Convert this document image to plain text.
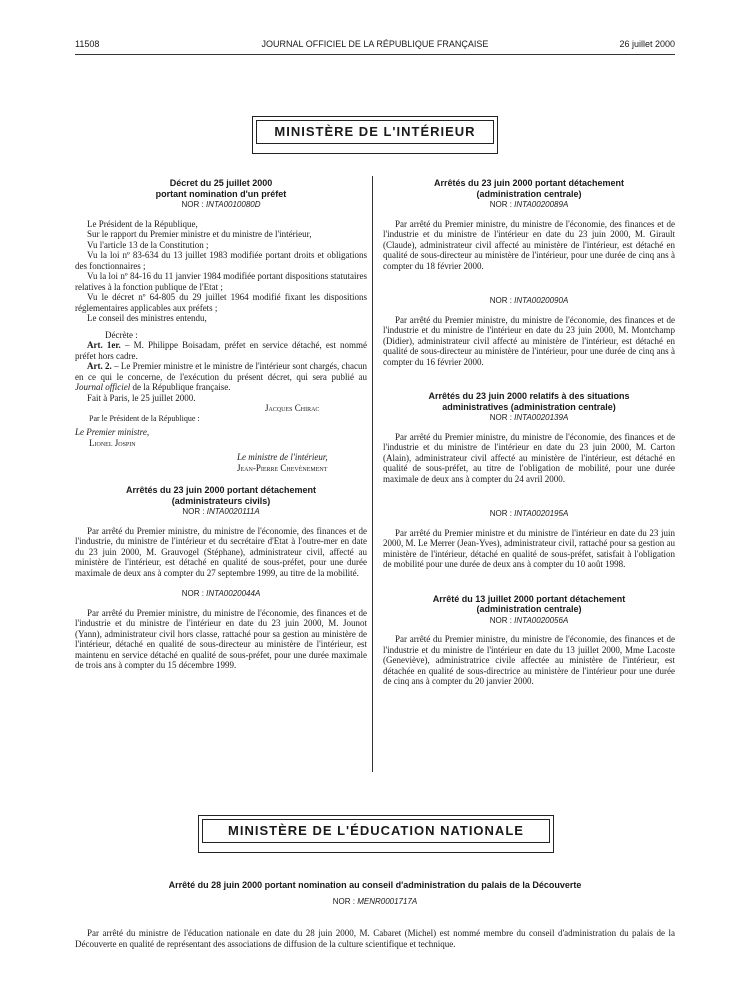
11508	JOURNAL OFFICIEL DE LA RÉPUBLIQUE FRANÇAISE	26 juillet 2000
MINISTÈRE DE L'INTÉRIEUR
Décret du 25 juillet 2000
portant nomination d'un préfet
NOR : INTA0010080D
Le Président de la République,
Sur le rapport du Premier ministre et du ministre de l'intérieur,
Vu l'article 13 de la Constitution ;
Vu la loi nº 83-634 du 13 juillet 1983 modifiée portant droits et obligations des fonctionnaires ;
Vu la loi nº 84-16 du 11 janvier 1984 modifiée portant dispositions statutaires relatives à la fonction publique de l'Etat ;
Vu le décret nº 64-805 du 29 juillet 1964 modifié fixant les dispositions réglementaires applicables aux préfets ;
Le conseil des ministres entendu,
Décrète :
Art. 1er. – M. Philippe Boisadam, préfet en service détaché, est nommé préfet hors cadre.
Art. 2. – Le Premier ministre et le ministre de l'intérieur sont chargés, chacun en ce qui le concerne, de l'exécution du présent décret, qui sera publié au Journal officiel de la République française.
Fait à Paris, le 25 juillet 2000.
Jacques Chirac
Par le Président de la République :
Le Premier ministre,
Lionel Jospin
Le ministre de l'intérieur,
Jean-Pierre Chevènement
Arrêtés du 23 juin 2000 portant détachement
(administrateurs civils)
NOR : INTA0020111A
Par arrêté du Premier ministre, du ministre de l'économie, des finances et de l'industrie, du ministre de l'intérieur et du secrétaire d'Etat à l'outre-mer en date du 23 juin 2000, M. Grauvogel (Stéphane), administrateur civil, affecté au ministère de l'intérieur, est détaché en qualité de sous-préfet, pour une durée maximale de deux ans à compter du 27 septembre 1999, au titre de la mobilité.
NOR : INTA0020044A
Par arrêté du Premier ministre, du ministre de l'économie, des finances et de l'industrie et du ministre de l'intérieur en date du 23 juin 2000, M. Jounot (Yann), administrateur civil hors classe, rattaché pour sa gestion au ministère de l'intérieur, détaché en qualité de sous-directeur au ministère de l'intérieur, est maintenu en service détaché en qualité de sous-préfet, pour une durée maximale de trois ans à compter du 15 décembre 1999.
Arrêtés du 23 juin 2000 portant détachement
(administration centrale)
NOR : INTA0020089A
Par arrêté du Premier ministre, du ministre de l'économie, des finances et de l'industrie et du ministre de l'intérieur en date du 23 juin 2000, M. Girault (Claude), administrateur civil affecté au ministère de l'intérieur, est détaché en qualité de sous-directeur au ministère de l'intérieur, pour une durée de cinq ans à compter du 18 février 2000.
NOR : INTA0020090A
Par arrêté du Premier ministre, du ministre de l'économie, des finances et de l'industrie et du ministre de l'intérieur en date du 23 juin 2000, M. Montchamp (Didier), administrateur civil affecté au ministère de l'intérieur, est détaché en qualité de sous-directeur au ministère de l'intérieur, pour une durée de cinq ans à compter du 16 février 2000.
Arrêtés du 23 juin 2000 relatifs à des situations
administratives (administration centrale)
NOR : INTA0020139A
Par arrêté du Premier ministre, du ministre de l'économie, des finances et de l'industrie et du ministre de l'intérieur en date du 23 juin 2000, M. Carton (Alain), administrateur civil affecté au ministère de l'intérieur, est détaché en qualité de sous-préfet, au titre de l'obligation de mobilité, pour une durée maximale de deux ans à compter du 24 avril 2000.
NOR : INTA0020195A
Par arrêté du Premier ministre et du ministre de l'intérieur en date du 23 juin 2000, M. Le Merrer (Jean-Yves), administrateur civil, rattaché pour sa gestion au ministère de l'intérieur, détaché en qualité de sous-préfet, satisfait à l'obligation de mobilité pour une durée de deux ans à compter du 10 août 1998.
Arrêté du 13 juillet 2000 portant détachement
(administration centrale)
NOR : INTA0020056A
Par arrêté du Premier ministre, du ministre de l'économie, des finances et de l'industrie et du ministre de l'intérieur en date du 13 juillet 2000, Mme Lacoste (Geneviève), administratrice civile affectée au ministère de l'intérieur, est détachée en qualité de sous-directrice au ministère de l'intérieur pour une durée de cinq ans à compter du 20 janvier 2000.
MINISTÈRE DE L'ÉDUCATION NATIONALE
Arrêté du 28 juin 2000 portant nomination au conseil d'administration du palais de la Découverte
NOR : MENR0001717A
Par arrêté du ministre de l'éducation nationale en date du 28 juin 2000, M. Cabaret (Michel) est nommé membre du conseil d'administration du palais de la Découverte en qualité de représentant des associations de diffusion de la culture scientifique et technique.
